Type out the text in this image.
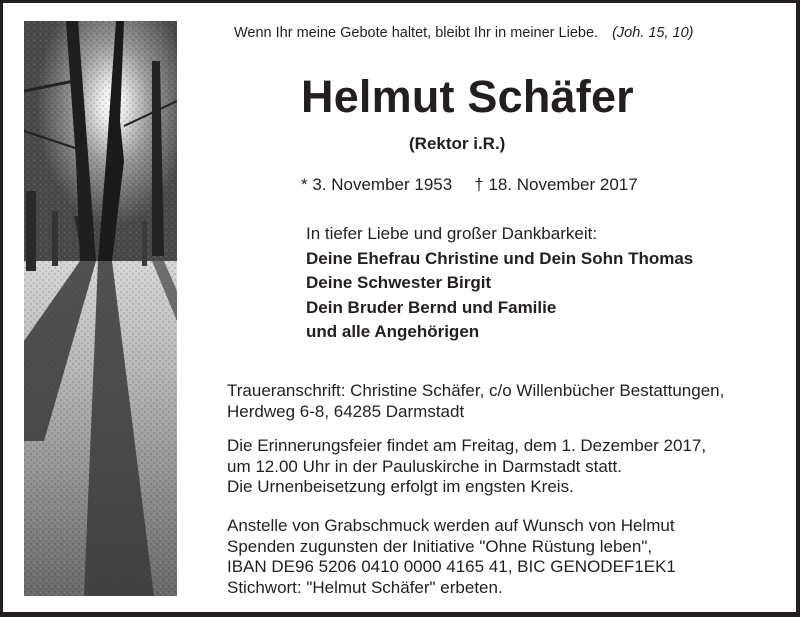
Wenn Ihr meine Gebote haltet, bleibt Ihr in meiner Liebe. (Joh. 15, 10)
Helmut Schäfer
(Rektor i.R.)
* 3. November 1953 † 18. November 2017
In tiefer Liebe und großer Dankbarkeit:
Deine Ehefrau Christine und Dein Sohn Thomas
Deine Schwester Birgit
Dein Bruder Bernd und Familie
und alle Angehörigen
Traueranschrift: Christine Schäfer, c/o Willenbücher Bestattungen,
Herdweg 6-8, 64285 Darmstadt
Die Erinnerungsfeier findet am Freitag, dem 1. Dezember 2017,
um 12.00 Uhr in der Pauluskirche in Darmstadt statt.
Die Urnenbeisetzung erfolgt im engsten Kreis.
Anstelle von Grabschmuck werden auf Wunsch von Helmut
Spenden zugunsten der Initiative "Ohne Rüstung leben",
IBAN DE96 5206 0410 0000 4165 41, BIC GENODEF1EK1
Stichwort: "Helmut Schäfer" erbeten.
